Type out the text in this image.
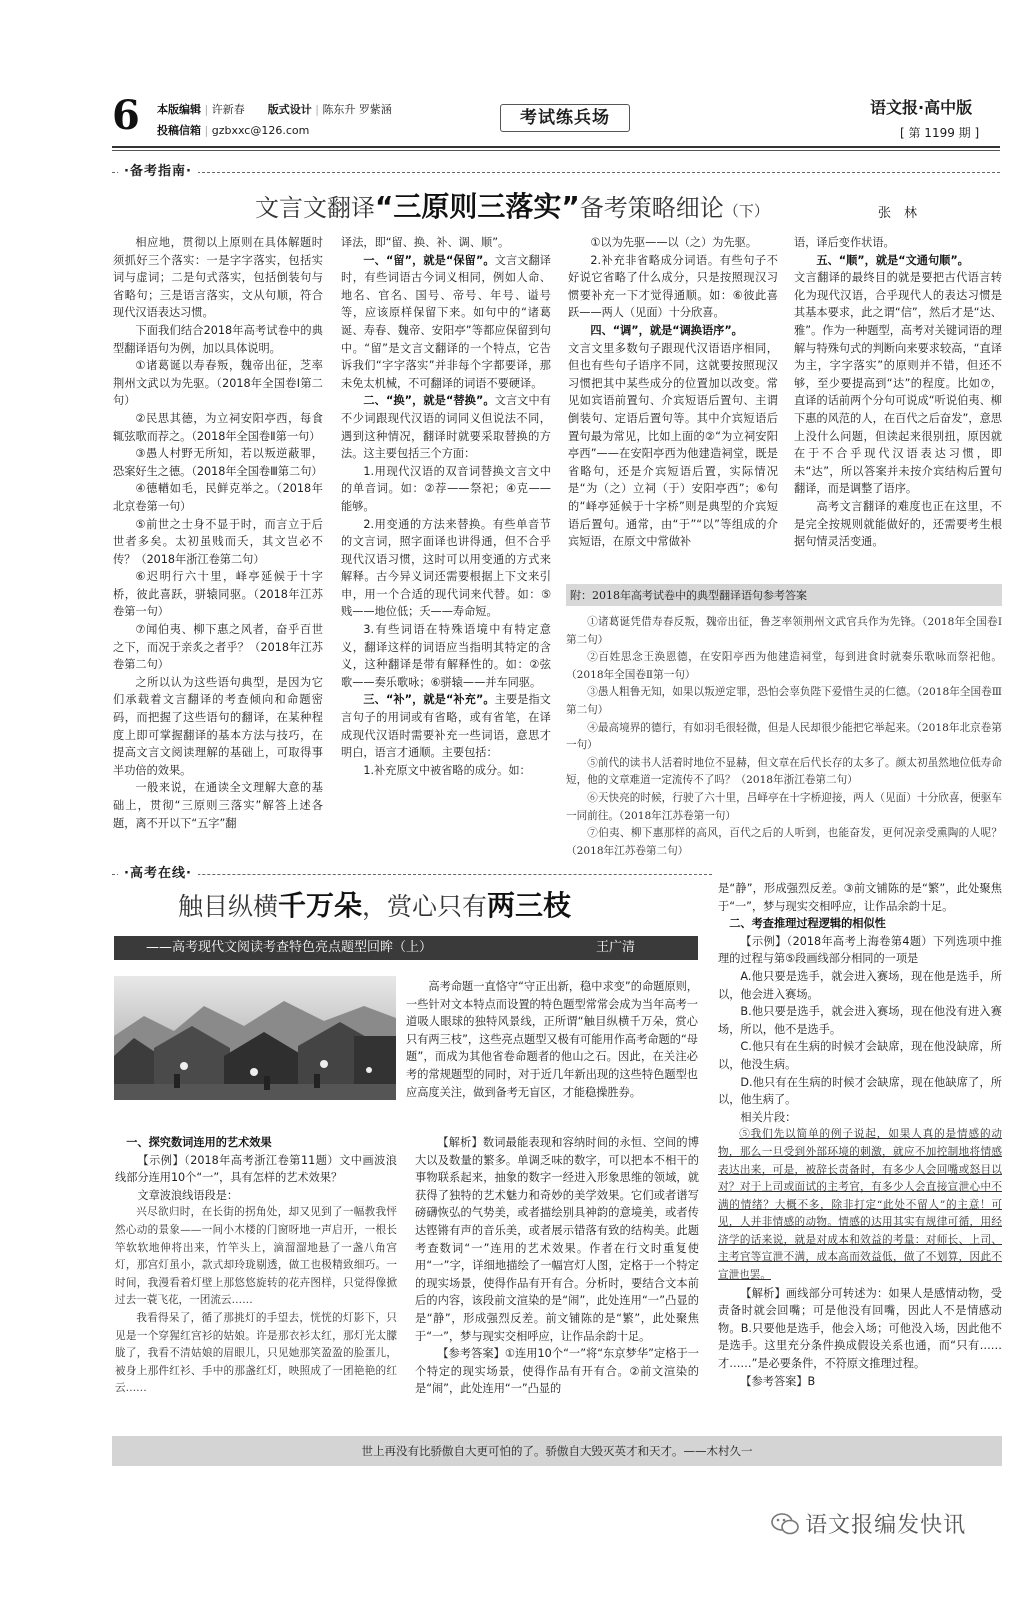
6 本版编辑 | 许新春 版式设计 | 陈东升 罗紫涵
投稿信箱 | gzbxxc@126.com
考试练兵场
语文报·高中版
[ 第 1199 期 ]
·备考指南·
文言文翻译“三原则三落实”备考策略细论（下）	张　林

相应地，贯彻以上原则在具体解题时须抓好三个落实：一是字字落实，包括实词与虚词；二是句式落实，包括倒装句与省略句；三是语言落实，文从句顺，符合现代汉语表达习惯。

下面我们结合2018年高考试卷中的典型翻译语句为例，加以具体说明。

①诸葛诞以寿春叛，魏帝出征，芝率荆州文武以为先驱。（2018年全国卷Ⅰ第二句）

②民思其德，为立祠安阳亭西，每食辄弦歌而荐之。（2018年全国卷Ⅱ第一句）

③愚人村野无所知，若以叛逆蔽罪，恐案好生之德。（2018年全国卷Ⅲ第二句）

④德輶如毛，民鲜克举之。（2018年北京卷第一句）

⑤前世之士身不显于时，而言立于后世者多矣。太初虽贱而夭，其文岂必不传？（2018年浙江卷第二句）

⑥迟明行六十里，峄亭延候于十字桥，彼此喜跃，骈辕同驱。（2018年江苏卷第一句）

⑦闻伯夷、柳下惠之风者，奋乎百世之下，而况于亲炙之者乎？（2018年江苏卷第二句）

之所以认为这些语句典型，是因为它们承载着文言翻译的考查倾向和命题密码，而把握了这些语句的翻译，在某种程度上即可掌握翻译的基本方法与技巧，在提高文言文阅读理解的基础上，可取得事半功倍的效果。

一般来说，在通读全文理解大意的基础上，贯彻“三原则三落实”解答上述各题，离不开以下“五字”翻

译法，即“留、换、补、调、顺”。

一、“留”，就是“保留”。文言文翻译时，有些词语古今词义相同，例如人命、地名、官名、国号、帝号、年号、谥号等，应该原样保留下来。如句中的“诸葛诞、寿春、魏帝、安阳亭”等都应保留到句中。“留”是文言文翻译的一个特点，它告诉我们“字字落实”并非每个字都要译，那未免太机械，不可翻译的词语不要硬译。

二、“换”，就是“替换”。文言文中有不少词跟现代汉语的词同义但说法不同，遇到这种情况，翻译时就要采取替换的方法。这主要包括三个方面：

1.用现代汉语的双音词替换文言文中的单音词。如：②荐——祭祀；④克——能够。

2.用变通的方法来替换。有些单音节的文言词，照字面译也讲得通，但不合乎现代汉语习惯，这时可以用变通的方式来解释。古今异义词还需要根据上下文来引申，用一个合适的现代词来代替。如：⑤贱——地位低；夭——寿命短。

3.有些词语在特殊语境中有特定意义，翻译这样的词语应当指明其特定的含义，这种翻译是带有解释性的。如：②弦歌——奏乐歌咏；⑥骈辕——并车同驱。

三、“补”，就是“补充”。主要是指文言句子的用词或有省略，或有省笔，在译成现代汉语时需要补充一些词语，意思才明白，语言才通顺。主要包括：

1.补充原文中被省略的成分。如：

①以为先驱——以（之）为先驱。

2.补充非省略成分词语。有些句子不好说它省略了什么成分，只是按照现汉习惯要补充一下才觉得通顺。如：⑥彼此喜跃——两人（见面）十分欣喜。

四、“调”，就是“调换语序”。

文言文里多数句子跟现代汉语语序相同，但也有些句子语序不同，这就要按照现汉习惯把其中某些成分的位置加以改变。常见如宾语前置句、介宾短语后置句、主谓倒装句、定语后置句等。其中介宾短语后置句最为常见，比如上面的②“为立祠安阳亭西”——在安阳亭西为他建造祠堂，既是省略句，还是介宾短语后置，实际情况是“为（之）立祠（于）安阳亭西”；⑥句的“峄亭延候于十字桥”则是典型的介宾短语后置句。通常，由“于”“以”等组成的介宾短语，在原文中常做补

语，译后变作状语。

五、“顺”，就是“文通句顺”。

文言翻译的最终目的就是要把古代语言转化为现代汉语，合乎现代人的表达习惯是其基本要求，此之谓“信”，然后才是“达、雅”。作为一种题型，高考对关键词语的理解与特殊句式的判断向来要求较高，“直译为主，字字落实”的原则并不错，但还不够，至少要提高到“达”的程度。比如⑦，直译的话前两个分句可说成“听说伯夷、柳下惠的风范的人，在百代之后奋发”，意思上没什么问题，但读起来很别扭，原因就在于不合乎现代汉语表达习惯，即未“达”，所以答案并未按介宾结构后置句翻译，而是调整了语序。

高考文言翻译的难度也正在这里，不是完全按规则就能做好的，还需要考生根据句情灵活变通。

附：2018年高考试卷中的典型翻译语句参考答案

①诸葛诞凭借寿春反叛，魏帝出征，鲁芝率领荆州文武官兵作为先锋。（2018年全国卷Ⅰ第二句）

②百姓思念王涣恩德，在安阳亭西为他建造祠堂，每到进食时就奏乐歌咏而祭祀他。（2018年全国卷Ⅱ第一句）

③愚人粗鲁无知，如果以叛逆定罪，恐怕会辜负陛下爱惜生灵的仁德。（2018年全国卷Ⅲ第二句）

④最高境界的德行，有如羽毛很轻微，但是人民却很少能把它举起来。（2018年北京卷第一句）

⑤前代的读书人活着时地位不显赫，但文章在后代长存的太多了。颜太初虽然地位低寿命短，他的文章难道一定流传不了吗？（2018年浙江卷第二句）

⑥天快亮的时候，行驶了六十里，吕峄亭在十字桥迎接，两人（见面）十分欣喜，便驱车一同前往。（2018年江苏卷第一句）

⑦伯夷、柳下惠那样的高风，百代之后的人听到，也能奋发，更何况亲受熏陶的人呢？（2018年江苏卷第二句）

·高考在线·
触目纵横千万朵，赏心只有两三枝
——高考现代文阅读考查特色亮点题型回眸（上）	王广清

高考命题一直恪守“守正出新，稳中求变”的命题原则，一些针对文本特点而设置的特色题型常常会成为当年高考一道吸人眼球的独特风景线，正所谓“触目纵横千万朵，赏心只有两三枝”，这些亮点题型又极有可能用作高考命题的“母题”，而成为其他省卷命题者的他山之石。因此，在关注必考的常规题型的同时，对于近几年新出现的这些特色题型也应高度关注，做到备考无盲区，才能稳操胜券。

一、探究数词连用的艺术效果

【示例】（2018年高考浙江卷第11题）文中画波浪线部分连用10个“一”，具有怎样的艺术效果？

文章波浪线语段是：

兴尽欲归时，在长街的拐角处，却又见到了一幅教我怦然心动的景象——一间小木楼的门窗呀地一声启开，一根长竿软软地伸将出来，竹竿头上，滴溜溜地悬了一盏八角宫灯，那宫灯虽小，款式却玲珑剔透，做工也极精致细巧。一时间，我漫看着灯壁上那悠悠旋转的花卉图样，只觉得像掀过去一蓑飞花，一团流云……

我看得呆了，循了那挑灯的手望去，恍恍的灯影下，只见是一个穿猩红宫衫的姑娘。许是那衣衫太红，那灯光太朦胧了，我看不清姑娘的眉眼儿，只见她那笑盈盈的脸蛋儿，被身上那件红衫、手中的那盏红灯，映照成了一团艳艳的红云……

【解析】数词最能表现和容纳时间的永恒、空间的博大以及数量的繁多。单调乏味的数字，可以把本不相干的事物联系起来，抽象的数字一经进入形象思维的领域，就获得了独特的艺术魅力和奇妙的美学效果。它们或者谱写磅礴恢弘的气势美，或者描绘别具神韵的意境美，或者传达铿锵有声的音乐美，或者展示错落有致的结构美。此题考查数词“一”连用的艺术效果。作者在行文时重复使用“一”字，详细地描绘了一幅宫灯人图，定格于一个特定的现实场景，使得作品有开有合。分析时，要结合文本前后的内容，该段前文渲染的是“闹”，此处连用“一”凸显的是“静”，形成强烈反差。前文铺陈的是“繁”，此处聚焦于“一”，梦与现实交相呼应，让作品余韵十足。

【参考答案】①连用10个“一”将“东京梦华”定格于一个特定的现实场景，使得作品有开有合。②前文渲染的是“闹”，此处连用“一”凸显的

是“静”，形成强烈反差。③前文铺陈的是“繁”，此处聚焦于“一”，梦与现实交相呼应，让作品余韵十足。

二、考查推理过程逻辑的相似性

【示例】（2018年高考上海卷第4题）下列选项中推理的过程与第⑤段画线部分相同的一项是

A.他只要是选手，就会进入赛场，现在他是选手，所以，他会进入赛场。

B.他只要是选手，就会进入赛场，现在他没有进入赛场，所以，他不是选手。

C.他只有在生病的时候才会缺席，现在他没缺席，所以，他没生病。

D.他只有在生病的时候才会缺席，现在他缺席了，所以，他生病了。

相关片段：

⑤我们先以简单的例子说起，如果人真的是情感的动物，那么一旦受到外部环境的刺激，就应不加控制地将情感表达出来，可是，被辞长责备时，有多少人会回嘴或怒目以对？对于上司或面试的主考官，有多少人会直接宣泄心中不满的情绪？大概不多，除非打定“此处不留人”的主意！可见，人并非情感的动物。情感的达用其实有规律可循，用经济学的话来说，就是对成本和效益的考量：对师长、上司、主考官等宣泄不满，成本高而效益低，做了不划算，因此不宣泄也罢。

【解析】画线部分可转述为：如果人是感情动物，受责备时就会回嘴；可是他没有回嘴，因此人不是情感动物。B.只要他是选手，他会入场；可他没入场，因此他不是选手。这里充分条件换成假设关系也通，而“只有……才……”是必要条件，不符原文推理过程。

【参考答案】B

世上再没有比骄傲自大更可怕的了。骄傲自大毁灭英才和天才。——木村久一
语文报编发快讯
